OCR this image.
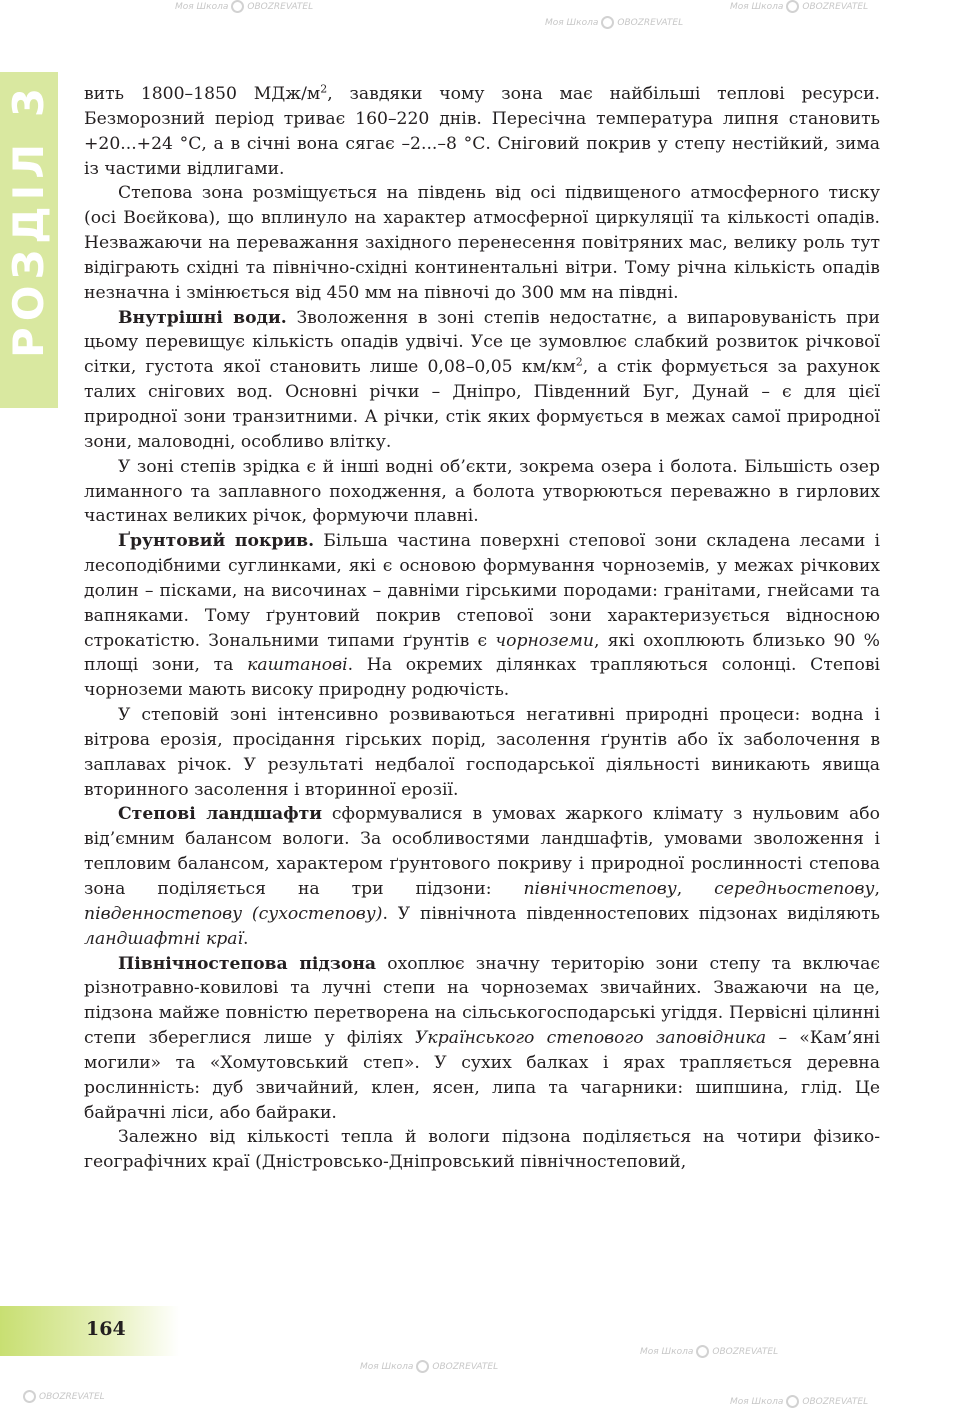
РОЗДІЛ 3 вить 1800–1850 МДж/$м^2$, завдяки чому зона має найбільші теплові ресурси. Безморозний період триває 160–220 днів. Пересічна температура липня становить +20...+24 °С, а в січні вона сягає –2...–8 °С. Сніговий покрив у степу нестійкий, зима із частими відлигами.

Степова зона розміщується на південь від осі підвищеного атмосферного тиску (осі Воєйкова), що вплинуло на характер атмосферної циркуляції та кількості опадів. Незважаючи на переважання західного перенесення повітряних мас, велику роль тут відіграють східні та північно-східні континентальні вітри. Тому річна кількість опадів незначна і змінюється від 450 мм на півночі до 300 мм на півдні.

Внутрішні води. Зволоження в зоні степів недостатнє, а випаровуваність при цьому перевищує кількість опадів удвічі. Усе це зумовлює слабкий розвиток річкової сітки, густота якої становить лише 0,08–0,05 $км/км^2$, а стік формується за рахунок талих снігових вод. Основні річки – Дніпро, Південний Буг, Дунай – є для цієї природної зони транзитними. А річки, стік яких формується в межах самої природної зони, маловодні, особливо влітку.

У зоні степів зрідка є й інші водні об’єкти, зокрема озера і болота. Більшість озер лиманного та заплавного походження, а болота утворюються переважно в гирлових частинах великих річок, формуючи плавні.

Ґрунтовий покрив. Більша частина поверхні степової зони складена лесами і лесоподібними суглинками, які є основою формування чорноземів, у межах річкових долин – пісками, на височинах – давніми гірськими породами: гранітами, гнейсами та вапняками. Тому ґрунтовий покрив степової зони характеризується відносною строкатістю. Зональними типами ґрунтів є чорноземи, які охоплюють близько 90 % площі зони, та каштанові. На окремих ділянках трапляються солонці. Степові чорноземи мають високу природну родючість.

У степовій зоні інтенсивно розвиваються негативні природні процеси: водна і вітрова ерозія, просідання гірських порід, засолення ґрунтів або їх заболочення в заплавах річок. У результаті недбалої господарської діяльності виникають явища вторинного засолення і вторинної ерозії.

Степові ландшафти сформувалися в умовах жаркого клімату з нульовим або від’ємним балансом вологи. За особливостями ландшафтів, умовами зволоження і тепловим балансом, характером ґрунтового покриву і природної рослинності степова зона поділяється на три підзони: північностепову, середньостепову, південностепову (сухостепову). У північнота південностепових підзонах виділяють ландшафтні краї.

Північностепова підзона охоплює значну територію зони степу та включає різнотравно-ковилові та лучні степи на чорноземах звичайних. Зважаючи на це, підзона майже повністю перетворена на сільськогосподарські угіддя. Первісні цілинні степи збереглися лише у філіях Українського степового заповідника – «Кам’яні могили» та «Хомутовський степ». У сухих балках і ярах трапляється деревна рослинність: дуб звичайний, клен, ясен, липа та чагарники: шипшина, глід. Це байрачні ліси, або байраки.

Залежно від кількості тепла й вологи підзона поділяється на чотири фізико-географічних краї (Дністровсько-Дніпровський північностеповий,

164
Моя Школа OBOZREVATEL
Моя Школа OBOZREVATEL
Моя Школа OBOZREVATEL
Моя Школа OBOZREVATEL
Моя Школа OBOZREVATEL
OBOZREVATEL	Моя Школа OBOZREVATEL
